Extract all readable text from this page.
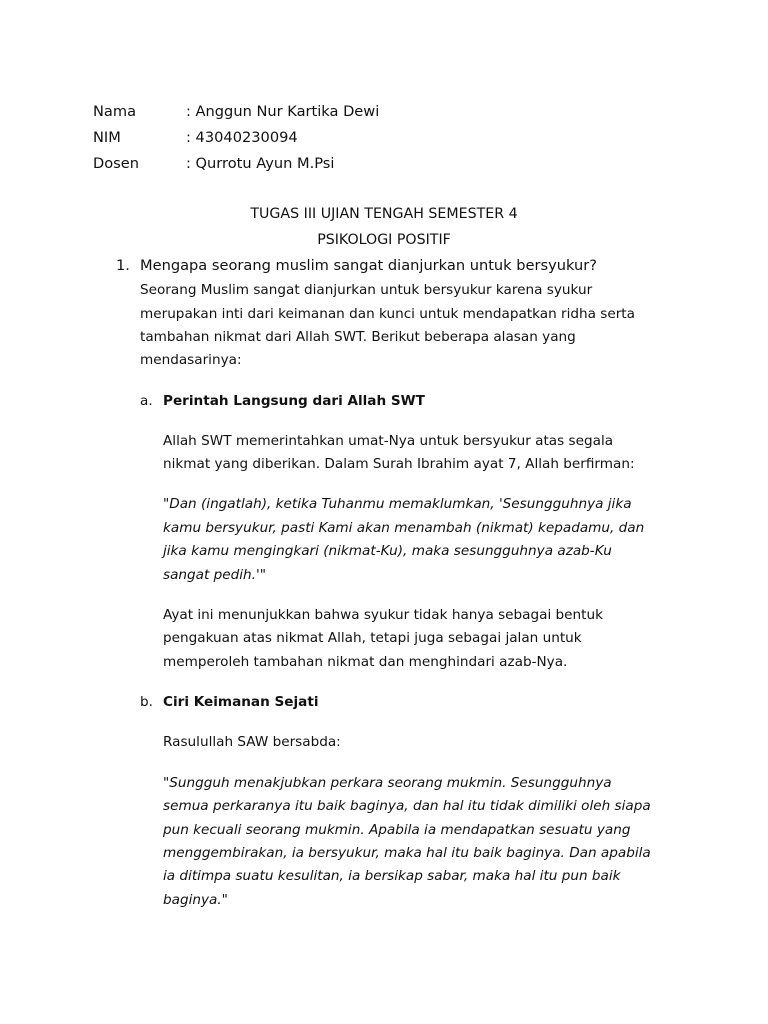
Nama	: Anggun Nur Kartika Dewi
NIM	: 43040230094
Dosen	: Qurrotu Ayun M.Psi
TUGAS III UJIAN TENGAH SEMESTER 4
PSIKOLOGI POSITIF
1. Mengapa seorang muslim sangat dianjurkan untuk bersyukur?
Seorang Muslim sangat dianjurkan untuk bersyukur karena syukur
merupakan inti dari keimanan dan kunci untuk mendapatkan ridha serta
tambahan nikmat dari Allah SWT. Berikut beberapa alasan yang
mendasarinya:
a. Perintah Langsung dari Allah SWT
Allah SWT memerintahkan umat-Nya untuk bersyukur atas segala
nikmat yang diberikan. Dalam Surah Ibrahim ayat 7, Allah berfirman:
"Dan (ingatlah), ketika Tuhanmu memaklumkan, 'Sesungguhnya jika
kamu bersyukur, pasti Kami akan menambah (nikmat) kepadamu, dan
jika kamu mengingkari (nikmat-Ku), maka sesungguhnya azab-Ku
sangat pedih.'"
Ayat ini menunjukkan bahwa syukur tidak hanya sebagai bentuk
pengakuan atas nikmat Allah, tetapi juga sebagai jalan untuk
memperoleh tambahan nikmat dan menghindari azab-Nya.
b. Ciri Keimanan Sejati
Rasulullah SAW bersabda:
"Sungguh menakjubkan perkara seorang mukmin. Sesungguhnya
semua perkaranya itu baik baginya, dan hal itu tidak dimiliki oleh siapa
pun kecuali seorang mukmin. Apabila ia mendapatkan sesuatu yang
menggembirakan, ia bersyukur, maka hal itu baik baginya. Dan apabila
ia ditimpa suatu kesulitan, ia bersikap sabar, maka hal itu pun baik
baginya."
